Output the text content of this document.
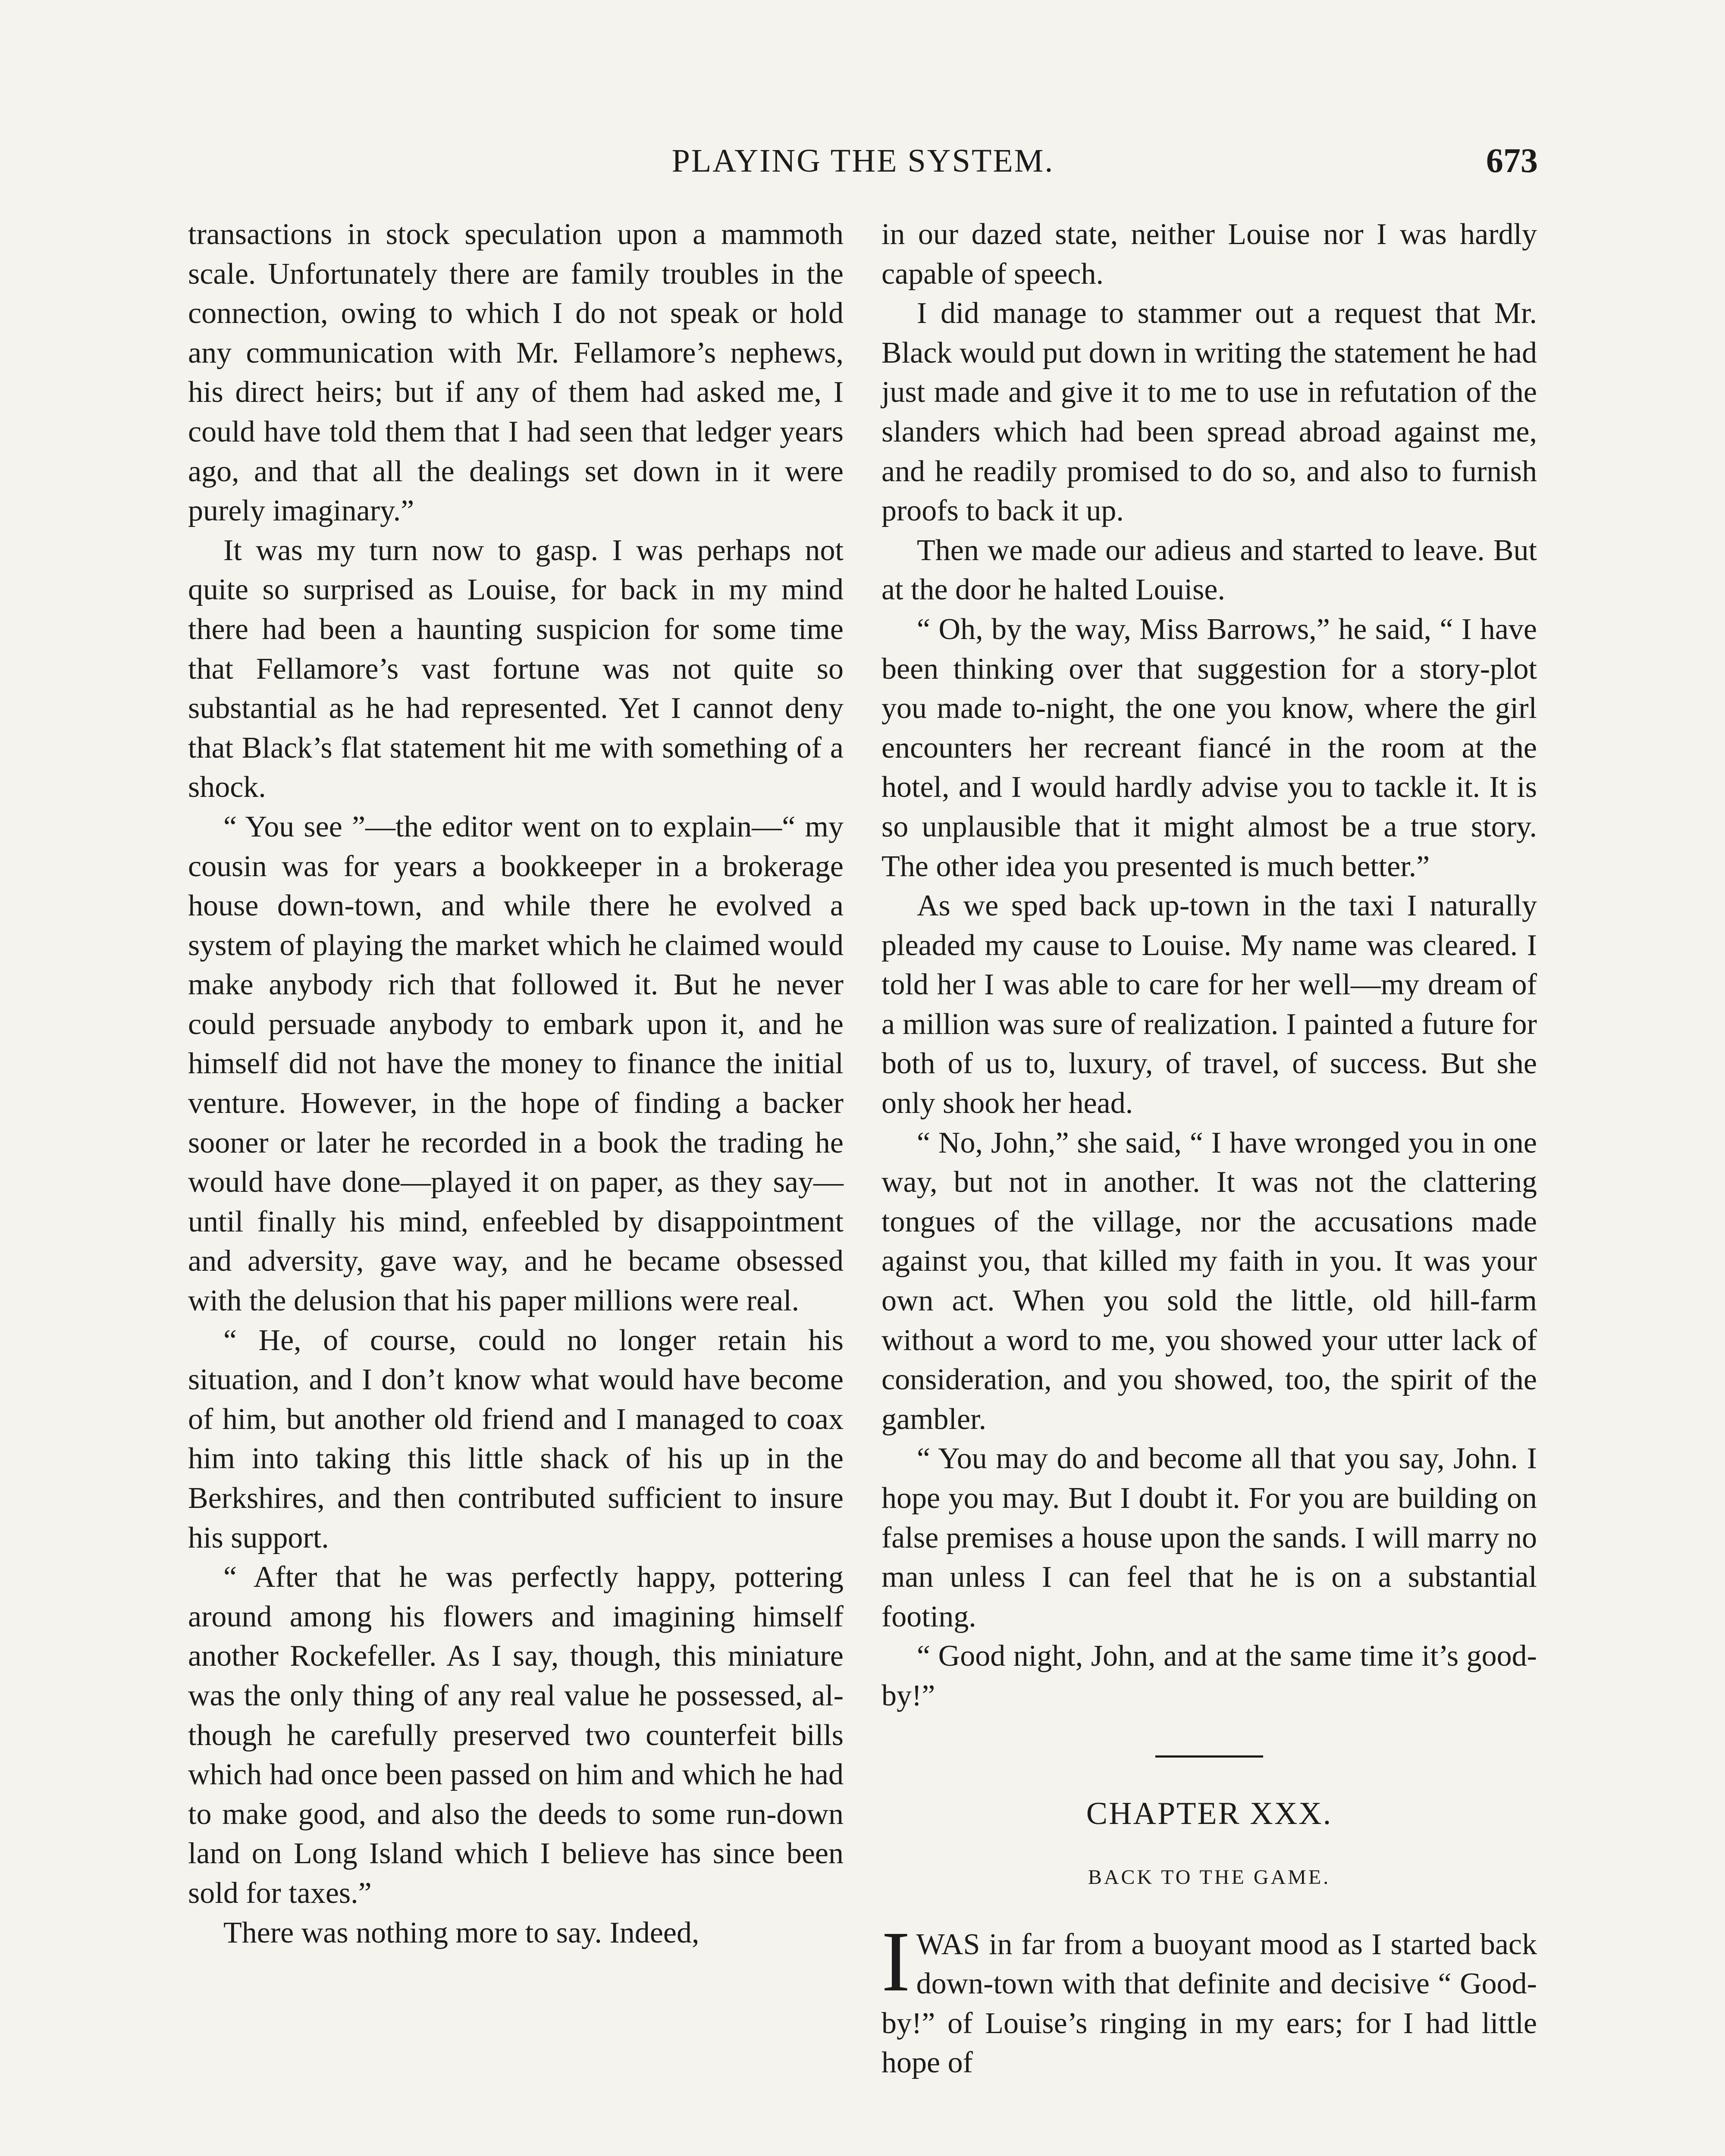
PLAYING THE SYSTEM.	673

transactions in stock speculation upon a mammoth scale. Unfortunately there are family troubles in the connection, owing to which I do not speak or hold any communication with Mr. Fellamore’s nephews, his direct heirs; but if any of them had asked me, I could have told them that I had seen that ledger years ago, and that all the dealings set down in it were purely imaginary.”

It was my turn now to gasp. I was perhaps not quite so surprised as Louise, for back in my mind there had been a haunting suspicion for some time that Fellamore’s vast fortune was not quite so substantial as he had represented. Yet I cannot deny that Black’s flat statement hit me with something of a shock.

“ You see ”—the editor went on to explain—“ my cousin was for years a bookkeeper in a brokerage house down-town, and while there he evolved a system of playing the market which he claimed would make anybody rich that followed it. But he never could persuade anybody to embark upon it, and he himself did not have the money to finance the initial venture. However, in the hope of finding a backer sooner or later he recorded in a book the trading he would have done—played it on paper, as they say—until finally his mind, enfeebled by disappointment and adversity, gave way, and he became obsessed with the delusion that his paper millions were real.

“ He, of course, could no longer retain his situation, and I don’t know what would have become of him, but another old friend and I managed to coax him into taking this little shack of his up in the Berkshires, and then contributed sufficient to insure his support.

“ After that he was perfectly happy, pottering around among his flowers and imagining himself another Rockefeller. As I say, though, this miniature was the only thing of any real value he possessed, although he carefully preserved two counterfeit bills which had once been passed on him and which he had to make good, and also the deeds to some run-down land on Long Island which I believe has since been sold for taxes.”

There was nothing more to say. Indeed,

in our dazed state, neither Louise nor I was hardly capable of speech.

I did manage to stammer out a request that Mr. Black would put down in writing the statement he had just made and give it to me to use in refutation of the slanders which had been spread abroad against me, and he readily promised to do so, and also to furnish proofs to back it up.

Then we made our adieus and started to leave. But at the door he halted Louise.

“ Oh, by the way, Miss Barrows,” he said, “ I have been thinking over that suggestion for a story-plot you made to-night, the one you know, where the girl encounters her recreant fiancé in the room at the hotel, and I would hardly advise you to tackle it. It is so unplausible that it might almost be a true story. The other idea you presented is much better.”

As we sped back up-town in the taxi I naturally pleaded my cause to Louise. My name was cleared. I told her I was able to care for her well—my dream of a million was sure of realization. I painted a future for both of us to, luxury, of travel, of success. But she only shook her head.

“ No, John,” she said, “ I have wronged you in one way, but not in another. It was not the clattering tongues of the village, nor the accusations made against you, that killed my faith in you. It was your own act. When you sold the little, old hill-farm without a word to me, you showed your utter lack of consideration, and you showed, too, the spirit of the gambler.

“ You may do and become all that you say, John. I hope you may. But I doubt it. For you are building on false premises a house upon the sands. I will marry no man unless I can feel that he is on a substantial footing.

“ Good night, John, and at the same time it’s good-by!”

CHAPTER XXX.
BACK TO THE GAME.

IWAS in far from a buoyant mood as I started back down-town with that definite and decisive “ Good-by!” of Louise’s ringing in my ears; for I had little hope of
